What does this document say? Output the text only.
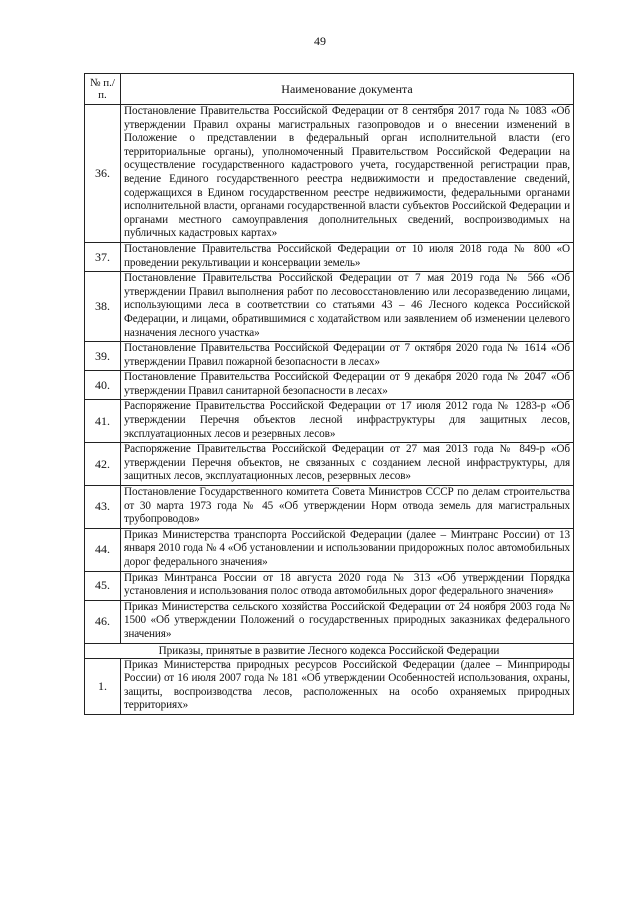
49
№ п./п.	Наименование документа
36.	Постановление Правительства Российской Федерации от 8 сентября 2017 года № 1083 «Об утверждении Правил охраны магистральных газопроводов и о внесении изменений в Положение о представлении в федеральный орган исполнительной власти (его территориальные органы), уполномоченный Правительством Российской Федерации на осуществление государственного кадастрового учета, государственной регистрации прав, ведение Единого государственного реестра недвижимости и предоставление сведений, содержащихся в Едином государственном реестре недвижимости, федеральными органами исполнительной власти, органами государственной власти субъектов Российской Федерации и органами местного самоуправления дополнительных сведений, воспроизводимых на публичных кадастровых картах»
37.	Постановление Правительства Российской Федерации от 10 июля 2018 года № 800 «О проведении рекультивации и консервации земель»
38.	Постановление Правительства Российской Федерации от 7 мая 2019 года № 566 «Об утверждении Правил выполнения работ по лесовосстановлению или лесоразведению лицами, использующими леса в соответствии со статьями 43 – 46 Лесного кодекса Российской Федерации, и лицами, обратившимися с ходатайством или заявлением об изменении целевого назначения лесного участка»
39.	Постановление Правительства Российской Федерации от 7 октября 2020 года № 1614 «Об утверждении Правил пожарной безопасности в лесах»
40.	Постановление Правительства Российской Федерации от 9 декабря 2020 года № 2047 «Об утверждении Правил санитарной безопасности в лесах»
41.	Распоряжение Правительства Российской Федерации от 17 июля 2012 года № 1283-р «Об утверждении Перечня объектов лесной инфраструктуры для защитных лесов, эксплуатационных лесов и резервных лесов»
42.	Распоряжение Правительства Российской Федерации от 27 мая 2013 года № 849-р «Об утверждении Перечня объектов, не связанных с созданием лесной инфраструктуры, для защитных лесов, эксплуатационных лесов, резервных лесов»
43.	Постановление Государственного комитета Совета Министров СССР по делам строительства от 30 марта 1973 года № 45 «Об утверждении Норм отвода земель для магистральных трубопроводов»
44.	Приказ Министерства транспорта Российской Федерации (далее – Минтранс России) от 13 января 2010 года № 4 «Об установлении и использовании придорожных полос автомобильных дорог федерального значения»
45.	Приказ Минтранса России от 18 августа 2020 года № 313 «Об утверждении Порядка установления и использования полос отвода автомобильных дорог федерального значения»
46.	Приказ Министерства сельского хозяйства Российской Федерации от 24 ноября 2003 года № 1500 «Об утверждении Положений о государственных природных заказниках федерального значения»
Приказы, принятые в развитие Лесного кодекса Российской Федерации	
1.	Приказ Министерства природных ресурсов Российской Федерации (далее – Минприроды России) от 16 июля 2007 года № 181 «Об утверждении Особенностей использования, охраны, защиты, воспроизводства лесов, расположенных на особо охраняемых природных территориях»
